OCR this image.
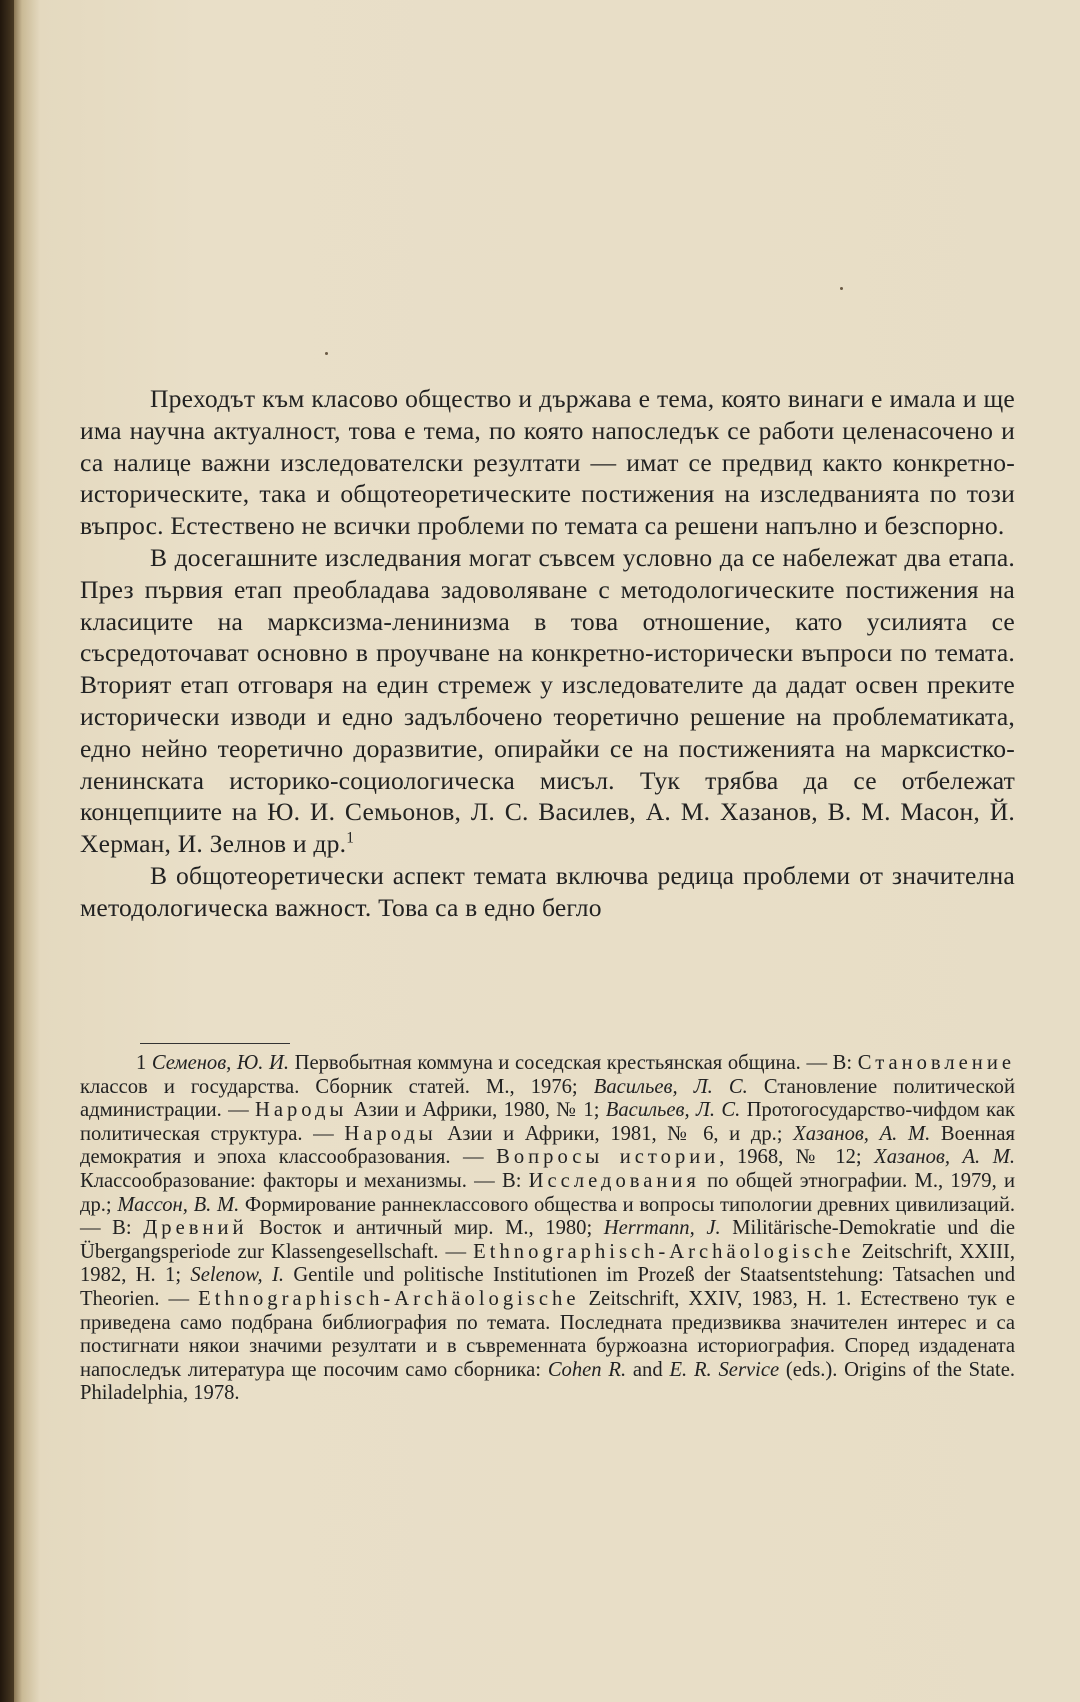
Преходът към класово общество и държава е тема, която винаги е имала и ще има научна актуалност, това е тема, по която напоследък се работи целенасочено и са налице важни изследователски резултати — имат се предвид както конкретно-историческите, така и общотеоретическите постижения на изследванията по този въпрос. Естествено не всички проблеми по темата са решени напълно и безспорно.

В досегашните изследвания могат съвсем условно да се набележат два етапа. През първия етап преобладава задоволяване с методологическите постижения на класиците на марксизма-ленинизма в това отношение, като усилията се съсредоточават основно в проучване на конкретно-исторически въпроси по темата. Вторият етап отговаря на един стремеж у изследователите да дадат освен преките исторически изводи и едно задълбочено теоретично решение на проблематиката, едно нейно теоретично доразвитие, опирайки се на постиженията на марксистко-ленинската историко-социологическа мисъл. Тук трябва да се отбележат концепциите на Ю. И. Семьонов, Л. С. Василев, А. М. Хазанов, В. М. Масон, Й. Херман, И. Зелнов и др.$^1$

В общотеоретически аспект темата включва редица проблеми от значителна методологическа важност. Това са в едно бегло

1 Семенов, Ю. И. Первобытная коммуна и соседская крестьянская община. — В: Становление классов и государства. Сборник статей. М., 1976; Васильев, Л. С. Становление политической администрации. — Народы Азии и Африки, 1980, № 1; Васильев, Л. С. Протогосударство-чифдом как политическая структура. — Народы Азии и Африки, 1981, № 6, и др.; Хазанов, А. М. Военная демократия и эпоха классообразования. — Вопросы истории, 1968, № 12; Хазанов, А. М. Классообразование: факторы и механизмы. — В: Исследования по общей этнографии. М., 1979, и др.; Массон, В. М. Формирование раннеклассового общества и вопросы типологии древних цивилизаций. — В: Древний Восток и античный мир. М., 1980; Herrmann, J. Militärische-Demokratie und die Übergangsperiode zur Klassengesellschaft. — Ethnographisch-Archäologische Zeitschrift, XXIII, 1982, H. 1; Selenow, I. Gentile und politische Institutionen im Prozeß der Staatsentstehung: Tatsachen und Theorien. — Ethnographisch-Archäologische Zeitschrift, XXIV, 1983, H. 1. Естествено тук е приведена само подбрана библиография по темата. Последната предизвиква значителен интерес и са постигнати някои значими резултати и в съвременната буржоазна историография. Според издадената напоследък литература ще посочим само сборника: Cohen R. and E. R. Service (eds.). Origins of the State. Philadelphia, 1978.
